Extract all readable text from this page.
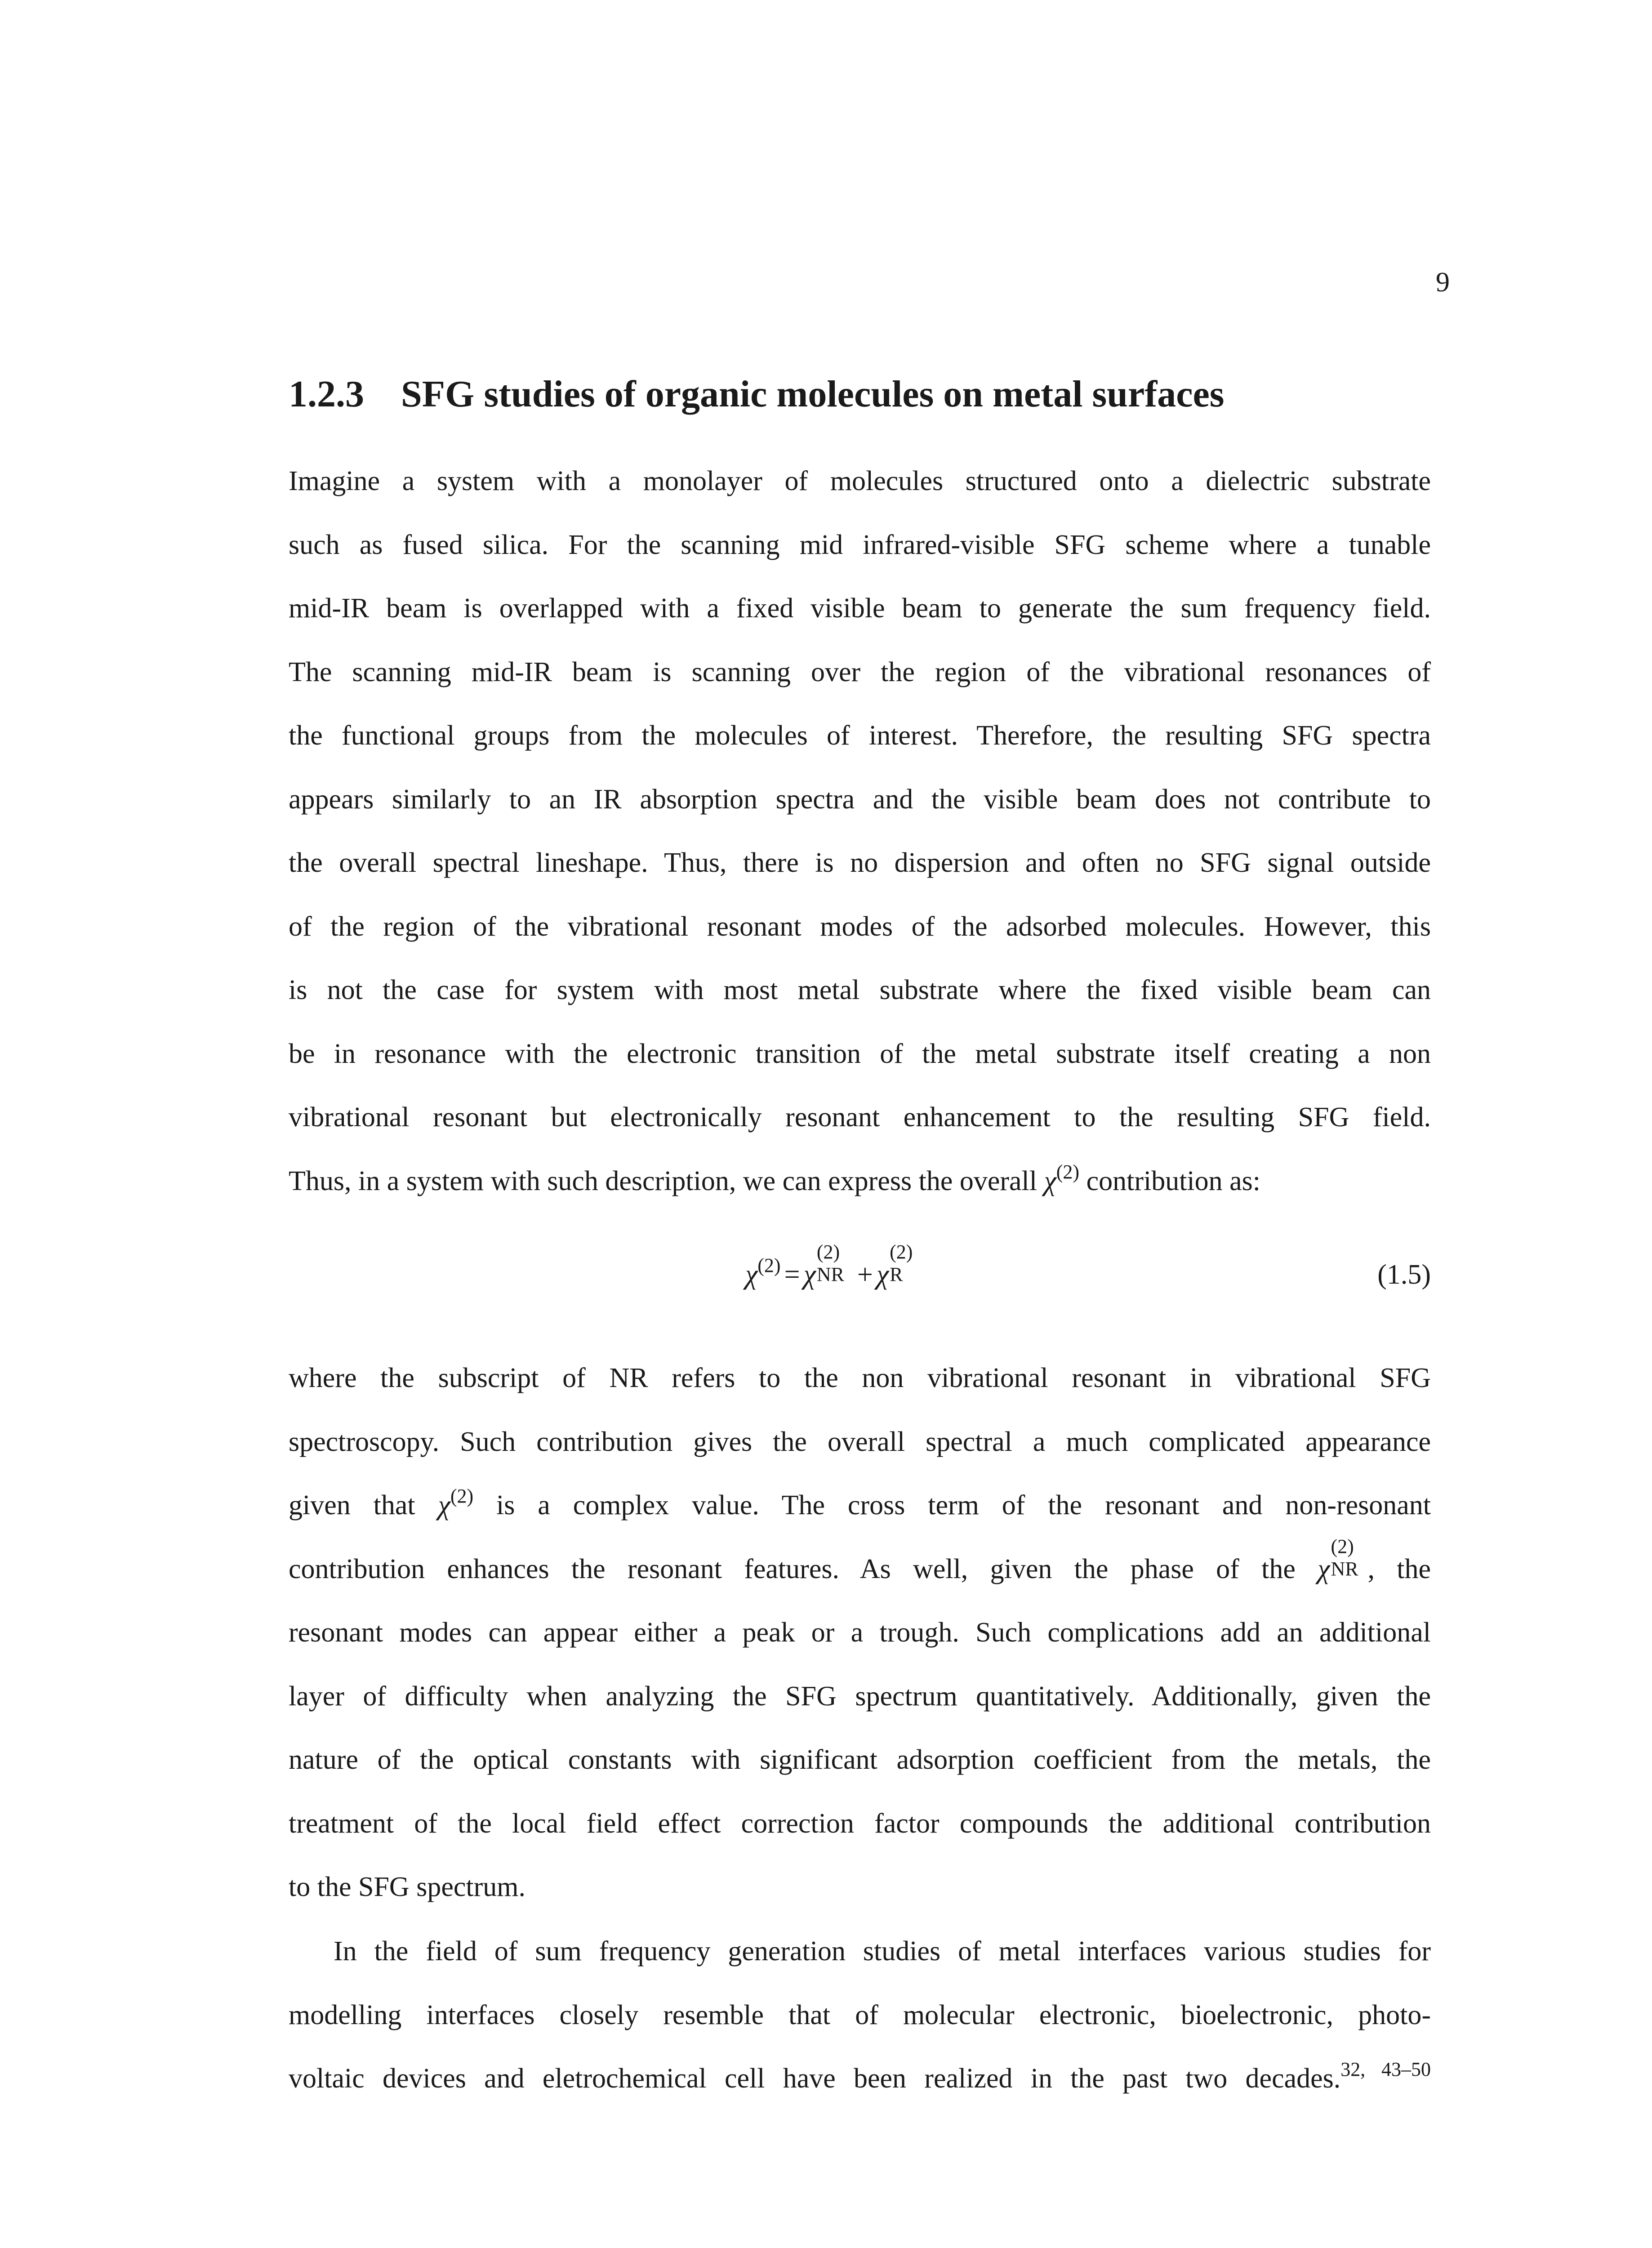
9
1.2.3 SFG studies of organic molecules on metal surfaces
Imagine a system with a monolayer of molecules structured onto a dielectric substrate
such as fused silica. For the scanning mid infrared-visible SFG scheme where a tunable
mid-IR beam is overlapped with a fixed visible beam to generate the sum frequency field.
The scanning mid-IR beam is scanning over the region of the vibrational resonances of
the functional groups from the molecules of interest. Therefore, the resulting SFG spectra
appears similarly to an IR absorption spectra and the visible beam does not contribute to
the overall spectral lineshape. Thus, there is no dispersion and often no SFG signal outside
of the region of the vibrational resonant modes of the adsorbed molecules. However, this
is not the case for system with most metal substrate where the fixed visible beam can
be in resonance with the electronic transition of the metal substrate itself creating a non
vibrational resonant but electronically resonant enhancement to the resulting SFG field.
Thus, in a system with such description, we can express the overall $\chi^{(2)}$ contribution as:
$\chi^{(2)} = \chi$
(2)
NR + χ
(2)
R	(1.5)
where the subscript of NR refers to the non vibrational resonant in vibrational SFG
spectroscopy. Such contribution gives the overall spectral a much complicated appearance
given that $\chi^{(2)}$ is a complex value. The cross term of the resonant and non-resonant
contribution enhances the resonant features. As well, given the phase of the χ
(2)
NR , the
resonant modes can appear either a peak or a trough. Such complications add an additional
layer of difficulty when analyzing the SFG spectrum quantitatively. Additionally, given the
nature of the optical constants with significant adsorption coefficient from the metals, the
treatment of the local field effect correction factor compounds the additional contribution
to the SFG spectrum.
In the field of sum frequency generation studies of metal interfaces various studies for
modelling interfaces closely resemble that of molecular electronic, bioelectronic, photo-
voltaic devices and eletrochemical cell have been realized in the past two decades.$^{32, 43-50}$
